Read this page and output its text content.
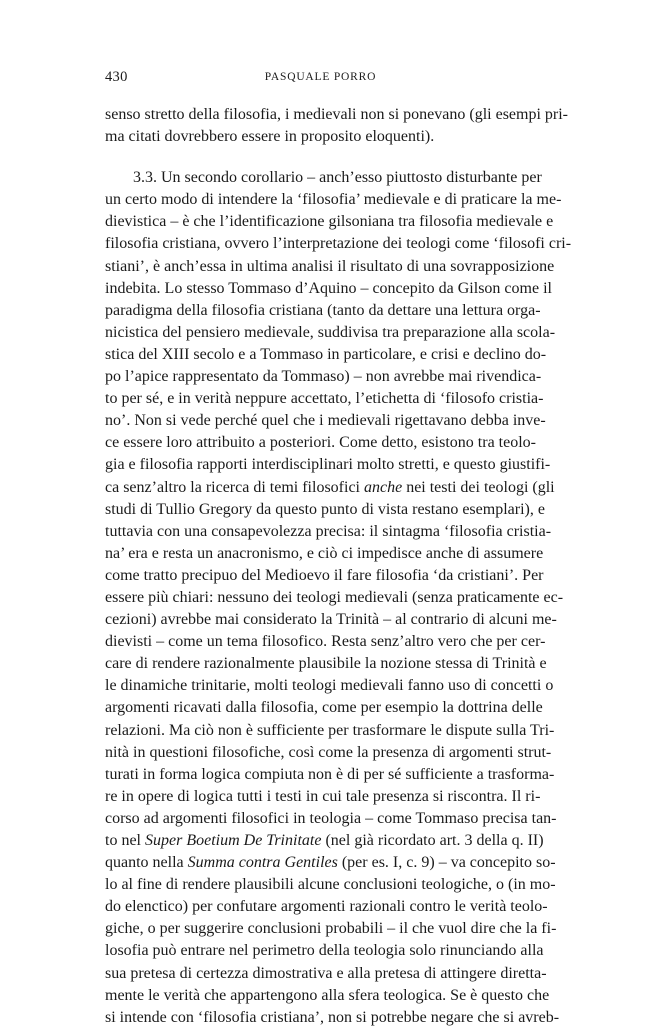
430	PASQUALE PORRO
senso stretto della filosofia, i medievali non si ponevano (gli esempi pri-
ma citati dovrebbero essere in proposito eloquenti).
3.3. Un secondo corollario – anch’esso piuttosto disturbante per
un certo modo di intendere la ‘filosofia’ medievale e di praticare la me-
dievistica – è che l’identificazione gilsoniana tra filosofia medievale e
filosofia cristiana, ovvero l’interpretazione dei teologi come ‘filosofi cri-
stiani’, è anch’essa in ultima analisi il risultato di una sovrapposizione
indebita. Lo stesso Tommaso d’Aquino – concepito da Gilson come il
paradigma della filosofia cristiana (tanto da dettare una lettura orga-
nicistica del pensiero medievale, suddivisa tra preparazione alla scola-
stica del XIII secolo e a Tommaso in particolare, e crisi e declino do-
po l’apice rappresentato da Tommaso) – non avrebbe mai rivendica-
to per sé, e in verità neppure accettato, l’etichetta di ‘filosofo cristia-
no’. Non si vede perché quel che i medievali rigettavano debba invе-
ce essere loro attribuito a posteriori. Come detto, esistono tra teolo-
gia e filosofia rapporti interdisciplinari molto stretti, e questo giustifi-
ca senz’altro la ricerca di temi filosofici anche nei testi dei teologi (gli
studi di Tullio Gregory da questo punto di vista restano esemplari), e
tuttavia con una consapevolezza precisa: il sintagma ‘filosofia cristia-
na’ era e resta un anacronismo, e ciò ci impedisce anche di assumere
come tratto precipuo del Medioevo il fare filosofia ‘da cristiani’. Per
essere più chiari: nessuno dei teologi medievali (senza praticamente ec-
cezioni) avrebbe mai considerato la Trinità – al contrario di alcuni me-
dievisti – come un tema filosofico. Resta senz’altro vero che per cer-
care di rendere razionalmente plausibile la nozione stessa di Trinità e
le dinamiche trinitarie, molti teologi medievali fanno uso di concetti o
argomenti ricavati dalla filosofia, come per esempio la dottrina delle
relazioni. Ma ciò non è sufficiente per trasformare le dispute sulla Tri-
nità in questioni filosofiche, così come la presenza di argomenti strut-
turati in forma logica compiuta non è di per sé sufficiente a trasforma-
re in opere di logica tutti i testi in cui tale presenza si riscontra. Il ri-
corso ad argomenti filosofici in teologia – come Tommaso precisa tan-
to nel Super Boetium De Trinitate (nel già ricordato art. 3 della q. II)
quanto nella Summa contra Gentiles (per es. I, c. 9) – va concepito so-
lo al fine di rendere plausibili alcune conclusioni teologiche, o (in mo-
do elenctico) per confutare argomenti razionali contro le verità teolo-
giche, o per suggerire conclusioni probabili – il che vuol dire che la fi-
losofia può entrare nel perimetro della teologia solo rinunciando alla
sua pretesa di certezza dimostrativa e alla pretesa di attingere diretta-
mente le verità che appartengono alla sfera teologica. Se è questo che
si intende con ‘filosofia cristiana’, non si potrebbe negare che si avreb-
